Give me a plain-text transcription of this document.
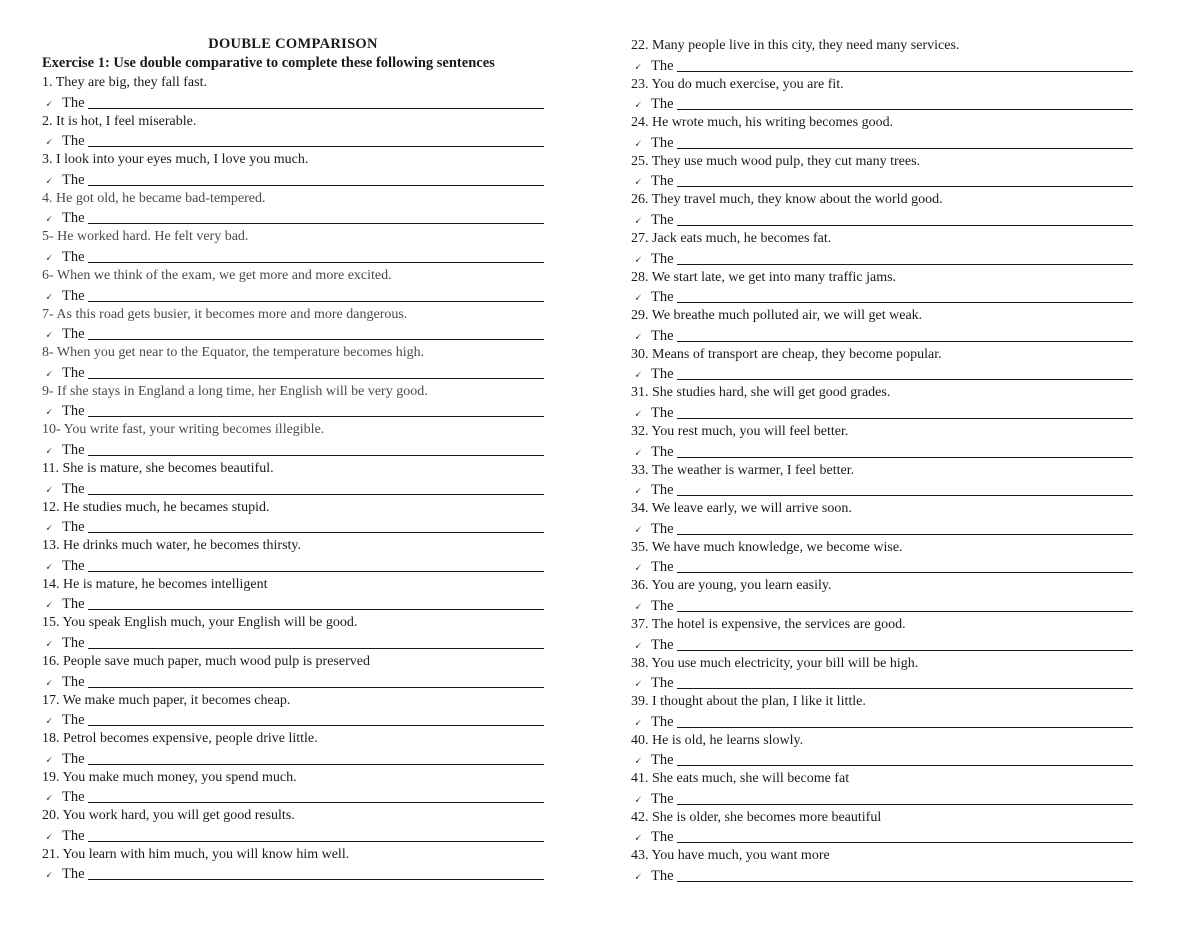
DOUBLE COMPARISON

Exercise 1: Use double comparative to complete these following sentences

1. They are big, they fall fast.

🗸 The

2. It is hot, I feel miserable.

🗸 The

3. I look into your eyes much, I love you much.

🗸 The

4. He got old, he became bad-tempered.

🗸 The

5- He worked hard. He felt very bad.

🗸 The

6- When we think of the exam, we get more and more excited.

🗸 The

7- As this road gets busier, it becomes more and more dangerous.

🗸 The

8- When you get near to the Equator, the temperature becomes high.

🗸 The

9- If she stays in England a long time, her English will be very good.

🗸 The

10- You write fast, your writing becomes illegible.

🗸 The

11. She is mature, she becomes beautiful.

🗸 The

12. He studies much, he becames stupid.

🗸 The

13. He drinks much water, he becomes thirsty.

🗸 The

14. He is mature, he becomes intelligent

🗸 The

15. You speak English much, your English will be good.

🗸 The

16. People save much paper, much wood pulp is preserved

🗸 The

17. We make much paper, it becomes cheap.

🗸 The

18. Petrol becomes expensive, people drive little.

🗸 The

19. You make much money, you spend much.

🗸 The

20. You work hard, you will get good results.

🗸 The

21. You learn with him much, you will know him well.

🗸 The

22. Many people live in this city, they need many services.

🗸 The

23. You do much exercise, you are fit.

🗸 The

24. He wrote much, his writing becomes good.

🗸 The

25. They use much wood pulp, they cut many trees.

🗸 The

26. They travel much, they know about the world good.

🗸 The

27. Jack eats much, he becomes fat.

🗸 The

28. We start late, we get into many traffic jams.

🗸 The

29. We breathe much polluted air, we will get weak.

🗸 The

30. Means of transport are cheap, they become popular.

🗸 The

31. She studies hard, she will get good grades.

🗸 The

32. You rest much, you will feel better.

🗸 The

33. The weather is warmer, I feel better.

🗸 The

34. We leave early, we will arrive soon.

🗸 The

35. We have much knowledge, we become wise.

🗸 The

36. You are young, you learn easily.

🗸 The

37. The hotel is expensive, the services are good.

🗸 The

38. You use much electricity, your bill will be high.

🗸 The

39. I thought about the plan, I like it little.

🗸 The

40. He is old, he learns slowly.

🗸 The

41. She eats much, she will become fat

🗸 The

42. She is older, she becomes more beautiful

🗸 The

43. You have much, you want more

🗸 The
